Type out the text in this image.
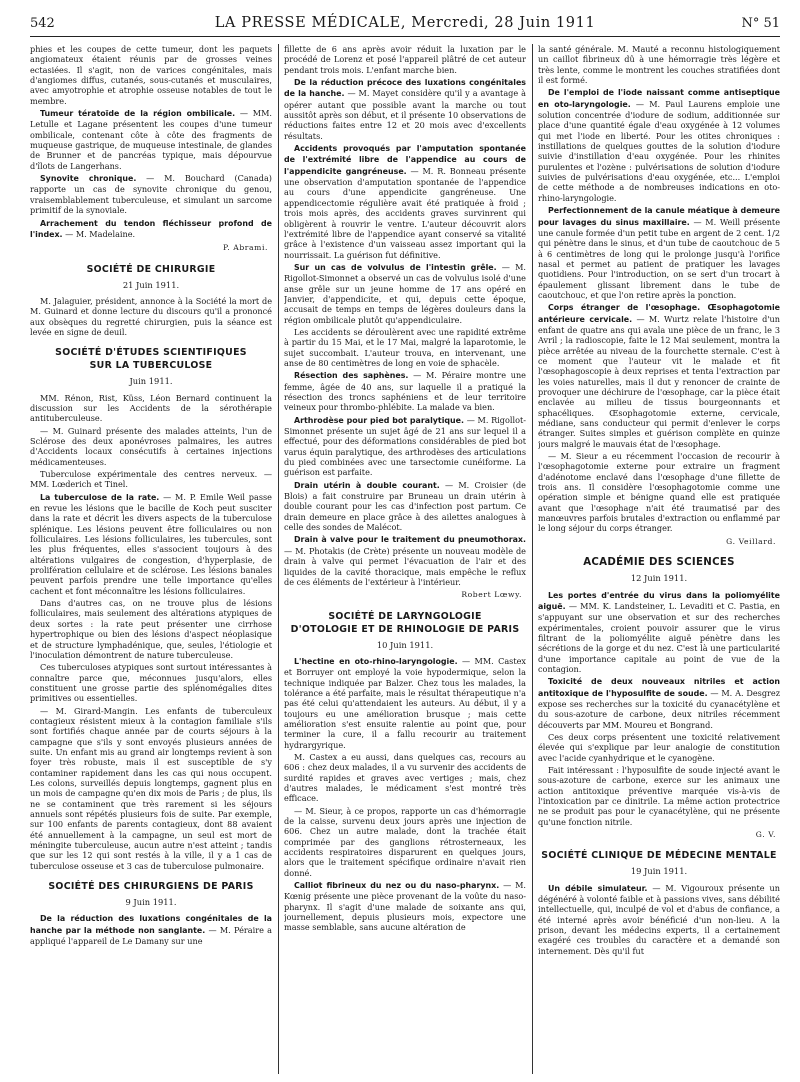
542	LA PRESSE MÉDICALE, Mercredi, 28 Juin 1911	N° 51

phies et les coupes de cette tumeur, dont les paquets angiomateux étaient réunis par de grosses veines ectasiées. Il s'agit, non de varices congénitales, mais d'angiomes diffus, cutanés, sous-cutanés et musculaires, avec amyotrophie et atrophie osseuse notables de tout le membre.

Tumeur tératoïde de la région ombilicale. — MM. Letulle et Lagane présentent les coupes d'une tumeur ombilicale, contenant côte à côte des fragments de muqueuse gastrique, de muqueuse intestinale, de glandes de Brunner et de pancréas typique, mais dépourvue d'îlots de Langerhans.

Synovite chronique. — M. Bouchard (Canada) rapporte un cas de synovite chronique du genou, vraisemblablement tuberculeuse, et simulant un sarcome primitif de la synoviale.

Arrachement du tendon fléchisseur profond de l'index. — M. Madelaine.

P. Abrami.
SOCIÉTÉ DE CHIRURGIE
21 Juin 1911.

M. Jalaguier, président, annonce à la Société la mort de M. Guinard et donne lecture du discours qu'il a prononcé aux obsèques du regretté chirurgien, puis la séance est levée en signe de deuil.

SOCIÉTÉ D'ÉTUDES SCIENTIFIQUES
SUR LA TUBERCULOSE
Juin 1911.

MM. Rénon, Rist, Küss, Léon Bernard continuent la discussion sur les Accidents de la sérothérapie antituberculeuse.

— M. Guinard présente des malades atteints, l'un de Sclérose des deux aponévroses palmaires, les autres d'Accidents locaux consécutifs à certaines injections médicamenteuses.

Tuberculose expérimentale des centres nerveux. — MM. Lœderich et Tinel.

La tuberculose de la rate. — M. P. Emile Weil passe en revue les lésions que le bacille de Koch peut susciter dans la rate et décrit les divers aspects de la tuberculose splénique. Les lésions peuvent être folliculaires ou non folliculaires. Les lésions folliculaires, les tubercules, sont les plus fréquentes, elles s'associent toujours à des altérations vulgaires de congestion, d'hyperplasie, de prolifération cellulaire et de sclérose. Les lésions banales peuvent parfois prendre une telle importance qu'elles cachent et font méconnaître les lésions folliculaires.

Dans d'autres cas, on ne trouve plus de lésions folliculaires, mais seulement des altérations atypiques de deux sortes : la rate peut présenter une cirrhose hypertrophique ou bien des lésions d'aspect néoplasique et de structure lymphadénique, que, seules, l'étiologie et l'inoculation démontrent de nature tuberculeuse.

Ces tuberculoses atypiques sont surtout intéressantes à connaître parce que, méconnues jusqu'alors, elles constituent une grosse partie des splénomégalies dites primitives ou essentielles.

— M. Girard-Mangin. Les enfants de tuberculeux contagieux résistent mieux à la contagion familiale s'ils sont fortifiés chaque année par de courts séjours à la campagne que s'ils y sont envoyés plusieurs années de suite. Un enfant mis au grand air longtemps revient à son foyer très robuste, mais il est susceptible de s'y contaminer rapidement dans les cas qui nous occupent. Les colons, surveillés depuis longtemps, gagnent plus en un mois de campagne qu'en dix mois de Paris ; de plus, ils ne se contaminent que très rarement si les séjours annuels sont répétés plusieurs fois de suite. Par exemple, sur 100 enfants de parents contagieux, dont 88 avaient été annuellement à la campagne, un seul est mort de méningite tuberculeuse, aucun autre n'est atteint ; tandis que sur les 12 qui sont restés à la ville, il y a 1 cas de tuberculose osseuse et 3 cas de tuberculose pulmonaire.

SOCIÉTÉ DES CHIRURGIENS DE PARIS
9 Juin 1911.

De la réduction des luxations congénitales de la hanche par la méthode non sanglante. — M. Péraire a appliqué l'appareil de Le Damany sur une

fillette de 6 ans après avoir réduit la luxation par le procédé de Lorenz et posé l'appareil plâtré de cet auteur pendant trois mois. L'enfant marche bien.

De la réduction précoce des luxations congénitales de la hanche. — M. Mayet considère qu'il y a avantage à opérer autant que possible avant la marche ou tout aussitôt après son début, et il présente 10 observations de réductions faites entre 12 et 20 mois avec d'excellents résultats.

Accidents provoqués par l'amputation spontanée de l'extrémité libre de l'appendice au cours de l'appendicite gangréneuse. — M. R. Bonneau présente une observation d'amputation spontanée de l'appendice au cours d'une appendicite gangréneuse. Une appendicectomie régulière avait été pratiquée à froid ; trois mois après, des accidents graves survinrent qui obligèrent à rouvrir le ventre. L'auteur découvrit alors l'extrémité libre de l'appendice ayant conservé sa vitalité grâce à l'existence d'un vaisseau assez important qui la nourrissait. La guérison fut définitive.

Sur un cas de volvulus de l'intestin grêle. — M. Rigollot-Simonnet a observé un cas de volvulus isolé d'une anse grêle sur un jeune homme de 17 ans opéré en Janvier, d'appendicite, et qui, depuis cette époque, accusait de temps en temps de légères douleurs dans la région ombilicale plutôt qu'appendiculaire.

Les accidents se déroulèrent avec une rapidité extrême à partir du 15 Mai, et le 17 Mai, malgré la laparotomie, le sujet succombait. L'auteur trouva, en intervenant, une anse de 80 centimètres de long en voie de sphacèle.

Résection des saphènes. — M. Péraire montre une femme, âgée de 40 ans, sur laquelle il a pratiqué la résection des troncs saphéniens et de leur territoire veineux pour thrombo-phlébite. La malade va bien.

Arthrodèse pour pied bot paralytique. — M. Rigollot-Simonnet présente un sujet âgé de 21 ans sur lequel il a effectué, pour des déformations considérables de pied bot varus équin paralytique, des arthrodèses des articulations du pied combinées avec une tarsectomie cunéiforme. La guérison est parfaite.

Drain utérin à double courant. — M. Croisier (de Blois) a fait construire par Bruneau un drain utérin à double courant pour les cas d'infection post partum. Ce drain demeure en place grâce à des ailettes analogues à celle des sondes de Malécot.

Drain à valve pour le traitement du pneumothorax. — M. Photakis (de Crète) présente un nouveau modèle de drain à valve qui permet l'évacuation de l'air et des liquides de la cavité thoracique, mais empêche le reflux de ces éléments de l'extérieur à l'intérieur.

Robert Lœwy.
SOCIÉTÉ DE LARYNGOLOGIE
D'OTOLOGIE ET DE RHINOLOGIE DE PARIS
10 Juin 1911.

L'hectine en oto-rhino-laryngologie. — MM. Castex et Borruyer ont employé la voie hypodermique, selon la technique indiquée par Balzer. Chez tous les malades, la tolérance a été parfaite, mais le résultat thérapeutique n'a pas été celui qu'attendaient les auteurs. Au début, il y a toujours eu une amélioration brusque ; mais cette amélioration s'est ensuite ralentie au point que, pour terminer la cure, il a fallu recourir au traitement hydrargyrique.

M. Castex a eu aussi, dans quelques cas, recours au 606 : chez deux malades, il a vu survenir des accidents de surdité rapides et graves avec vertiges ; mais, chez d'autres malades, le médicament s'est montré très efficace.

— M. Sieur, à ce propos, rapporte un cas d'hémorragie de la caisse, survenu deux jours après une injection de 606. Chez un autre malade, dont la trachée était comprimée par des ganglions rétrosterneaux, les accidents respiratoires disparurent en quelques jours, alors que le traitement spécifique ordinaire n'avait rien donné.

Calliot fibrineux du nez ou du naso-pharynx. — M. Kœnig présente une pièce provenant de la voûte du naso-pharynx. Il s'agit d'une malade de soixante ans qui, journellement, depuis plusieurs mois, expectore une masse semblable, sans aucune altération de

la santé générale. M. Mauté a reconnu histologiquement un caillot fibrineux dû à une hémorragie très légère et très lente, comme le montrent les couches stratifiées dont il est formé.

De l'emploi de l'iode naissant comme antiseptique en oto-laryngologie. — M. Paul Laurens emploie une solution concentrée d'iodure de sodium, additionnée sur place d'une quantité égale d'eau oxygénée à 12 volumes qui met l'iode en liberté. Pour les otites chroniques : instillations de quelques gouttes de la solution d'iodure suivie d'instillation d'eau oxygénée. Pour les rhinites purulentes et l'ozène : pulvérisations de solution d'iodure suivies de pulvérisations d'eau oxygénée, etc... L'emploi de cette méthode a de nombreuses indications en oto-rhino-laryngologie.

Perfectionnement de la canule méatique à demeure pour lavages du sinus maxillaire. — M. Weill présente une canule formée d'un petit tube en argent de 2 cent. 1/2 qui pénètre dans le sinus, et d'un tube de caoutchouc de 5 à 6 centimètres de long qui le prolonge jusqu'à l'orifice nasal et permet au patient de pratiquer les lavages quotidiens. Pour l'introduction, on se sert d'un trocart à épaulement glissant librement dans le tube de caoutchouc, et que l'on retire après la ponction.

Corps étranger de l'œsophage. Œsophagotomie antérieure cervicale. — M. Wurtz relate l'histoire d'un enfant de quatre ans qui avala une pièce de un franc, le 3 Avril ; la radioscopie, faite le 12 Mai seulement, montra la pièce arrêtée au niveau de la fourchette sternale. C'est à ce moment que l'auteur vit le malade et fit l'œsophagoscopie à deux reprises et tenta l'extraction par les voies naturelles, mais il dut y renoncer de crainte de provoquer une déchirure de l'œsophage, car la pièce était enclavée au milieu de tissus bourgeonnants et sphacéliques. Œsophagotomie externe, cervicale, médiane, sans conducteur qui permit d'enlever le corps étranger. Suites simples et guérison complète en quinze jours malgré le mauvais état de l'œsophage.

— M. Sieur a eu récemment l'occasion de recourir à l'œsophagotomie externe pour extraire un fragment d'adénotome enclavé dans l'œsophage d'une fillette de trois ans. Il considère l'œsophagotomie comme une opération simple et bénigne quand elle est pratiquée avant que l'œsophage n'ait été traumatisé par des manœuvres parfois brutales d'extraction ou enflammé par le long séjour du corps étranger.

G. Veillard.
ACADÉMIE DES SCIENCES
12 Juin 1911.

Les portes d'entrée du virus dans la poliomyélite aiguë. — MM. K. Landsteiner, L. Levaditi et C. Pastia, en s'appuyant sur une observation et sur des recherches expérimentales, croient pouvoir assurer que le virus filtrant de la poliomyélite aiguë pénètre dans les sécrétions de la gorge et du nez. C'est là une particularité d'une importance capitale au point de vue de la contagion.

Toxicité de deux nouveaux nitriles et action antitoxique de l'hyposulfite de soude. — M. A. Desgrez expose ses recherches sur la toxicité du cyanacétylène et du sous-azoture de carbone, deux nitriles récemment découverts par MM. Moureu et Bongrand.

Ces deux corps présentent une toxicité relativement élevée qui s'explique par leur analogie de constitution avec l'acide cyanhydrique et le cyanogène.

Fait intéressant : l'hyposulfite de soude injecté avant le sous-azoture de carbone, exerce sur les animaux une action antitoxique préventive marquée vis-à-vis de l'intoxication par ce dinitrile. La même action protectrice ne se produit pas pour le cyanacétylène, qui ne présente qu'une fonction nitrile.

G. V.
SOCIÉTÉ CLINIQUE DE MÉDECINE MENTALE
19 Juin 1911.

Un débile simulateur. — M. Vigouroux présente un dégénéré à volonté faible et à passions vives, sans débilité intellectuelle, qui, inculpé de vol et d'abus de confiance, a été interné après avoir bénéficié d'un non-lieu. A la prison, devant les médecins experts, il a certainement exagéré ces troubles du caractère et a demandé son internement. Dès qu'il fut
